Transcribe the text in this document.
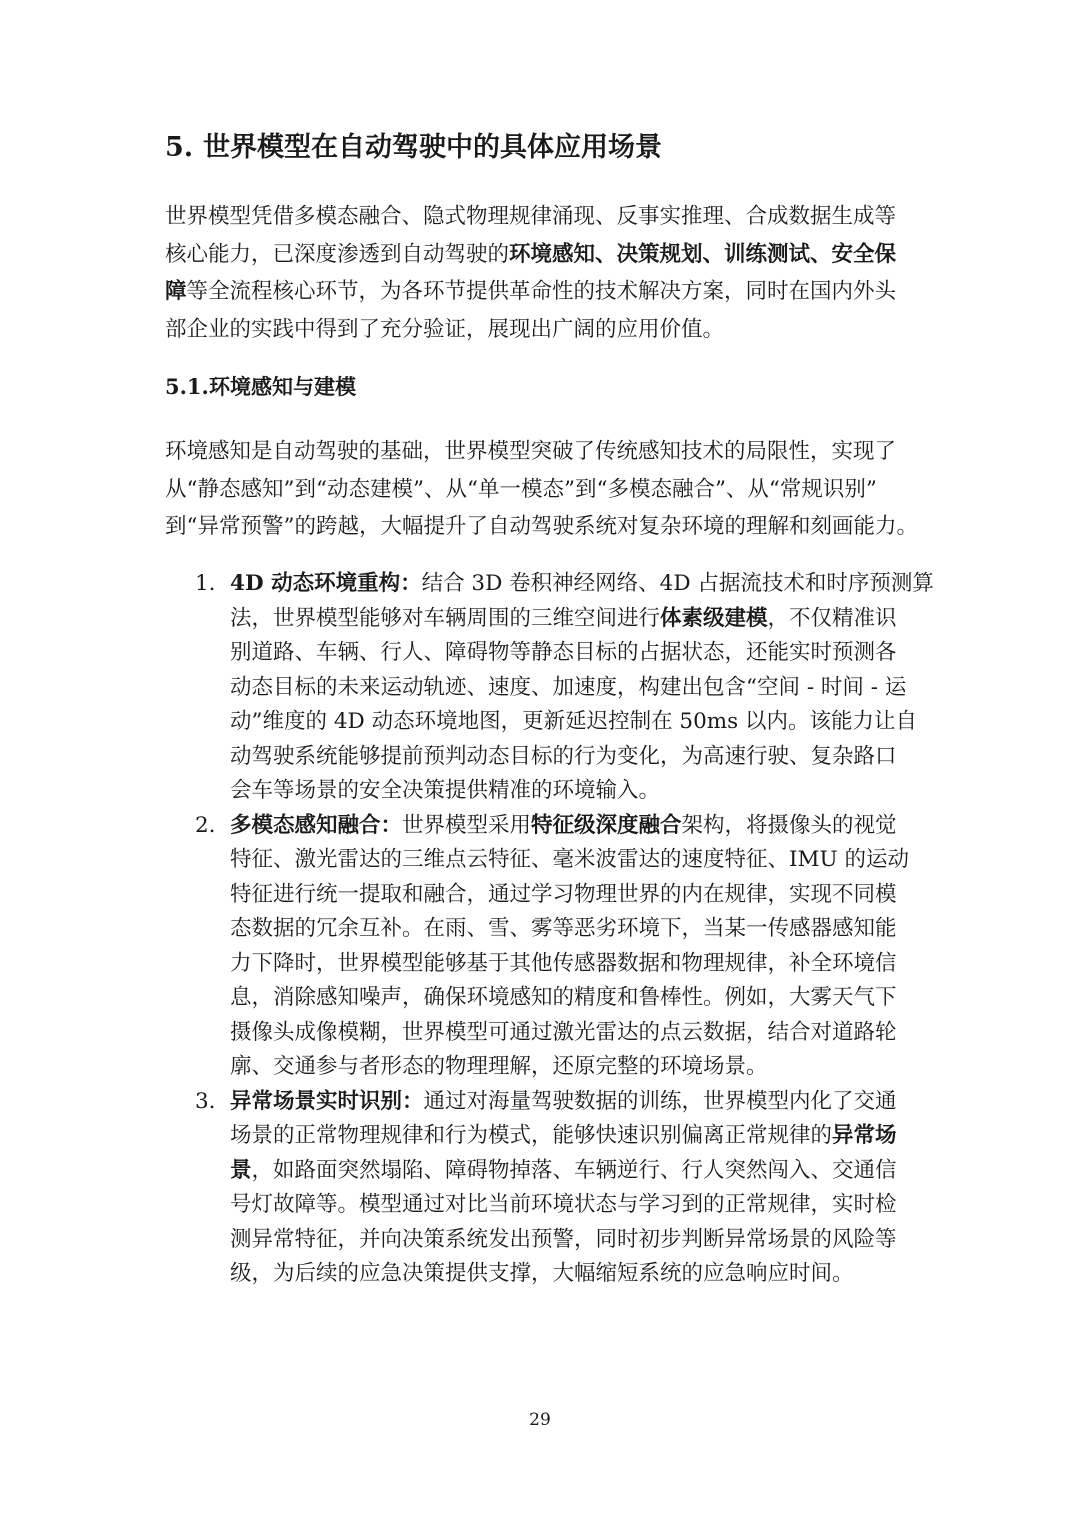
5. 世界模型在自动驾驶中的具体应用场景
世界模型凭借多模态融合、隐式物理规律涌现、反事实推理、合成数据生成等
核心能力，已深度渗透到自动驾驶的环境感知、决策规划、训练测试、安全保
障等全流程核心环节，为各环节提供革命性的技术解决方案，同时在国内外头
部企业的实践中得到了充分验证，展现出广阔的应用价值。
5.1.环境感知与建模
环境感知是自动驾驶的基础，世界模型突破了传统感知技术的局限性，实现了
从“静态感知”到“动态建模”、从“单一模态”到“多模态融合”、从“常规识别”
到“异常预警”的跨越，大幅提升了自动驾驶系统对复杂环境的理解和刻画能力。
1. 4D 动态环境重构：结合 3D 卷积神经网络、4D 占据流技术和时序预测算
法，世界模型能够对车辆周围的三维空间进行体素级建模，不仅精准识
别道路、车辆、行人、障碍物等静态目标的占据状态，还能实时预测各
动态目标的未来运动轨迹、速度、加速度，构建出包含“空间 - 时间 - 运
动”维度的 4D 动态环境地图，更新延迟控制在 50ms 以内。该能力让自
动驾驶系统能够提前预判动态目标的行为变化，为高速行驶、复杂路口
会车等场景的安全决策提供精准的环境输入。
2. 多模态感知融合：世界模型采用特征级深度融合架构，将摄像头的视觉
特征、激光雷达的三维点云特征、毫米波雷达的速度特征、IMU 的运动
特征进行统一提取和融合，通过学习物理世界的内在规律，实现不同模
态数据的冗余互补。在雨、雪、雾等恶劣环境下，当某一传感器感知能
力下降时，世界模型能够基于其他传感器数据和物理规律，补全环境信
息，消除感知噪声，确保环境感知的精度和鲁棒性。例如，大雾天气下
摄像头成像模糊，世界模型可通过激光雷达的点云数据，结合对道路轮
廓、交通参与者形态的物理理解，还原完整的环境场景。
3. 异常场景实时识别：通过对海量驾驶数据的训练，世界模型内化了交通
场景的正常物理规律和行为模式，能够快速识别偏离正常规律的异常场
景，如路面突然塌陷、障碍物掉落、车辆逆行、行人突然闯入、交通信
号灯故障等。模型通过对比当前环境状态与学习到的正常规律，实时检
测异常特征，并向决策系统发出预警，同时初步判断异常场景的风险等
级，为后续的应急决策提供支撑，大幅缩短系统的应急响应时间。
29
